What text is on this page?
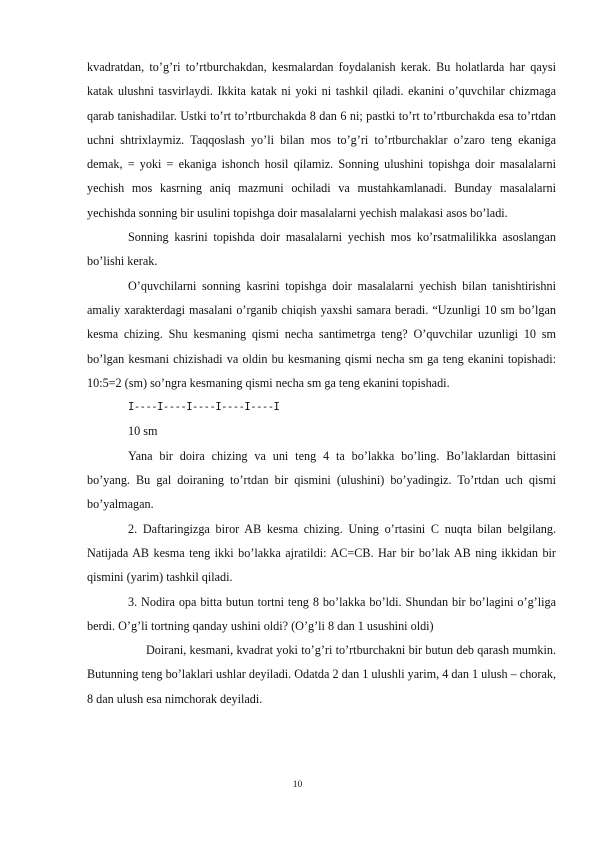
kvadratdan, to’g’ri to’rtburchakdan, kesmalardan foydalanish kerak. Bu holatlarda har qaysi katak ulushni tasvirlaydi. Ikkita katak ni yoki ni tashkil qiladi. ekanini o’quvchilar chizmaga qarab tanishadilar. Ustki to’rt to’rtburchakda 8 dan 6 ni; pastki to’rt to’rtburchakda esa to’rtdan uchni shtrixlaymiz. Taqqoslash yo’li bilan mos to’g’ri to’rtburchaklar o’zaro teng ekaniga demak, = yoki = ekaniga ishonch hosil qilamiz. Sonning ulushini topishga doir masalalarni yechish mos kasrning aniq mazmuni ochiladi va mustahkamlanadi. Bunday masalalarni yechishda sonning bir usulini topishga doir masalalarni yechish malakasi asos bo’ladi.

Sonning kasrini topishda doir masalalarni yechish mos ko’rsatmalilikka asoslangan bo’lishi kerak.

O’quvchilarni sonning kasrini topishga doir masalalarni yechish bilan tanishtirishni amaliy xarakterdagi masalani o’rganib chiqish yaxshi samara beradi. “Uzunligi 10 sm bo’lgan kesma chizing. Shu kesmaning qismi necha santimetrga teng? O’quvchilar uzunligi 10 sm bo’lgan kesmani chizishadi va oldin bu kesmaning qismi necha sm ga teng ekanini topishadi: 10:5=2 (sm) so’ngra kesmaning qismi necha sm ga teng ekanini topishadi.

I----I----I----I----I----I

10 sm

Yana bir doira chizing va uni teng 4 ta bo’lakka bo’ling. Bo’laklardan bittasini bo’yang. Bu gal doiraning to’rtdan bir qismini (ulushini) bo’yadingiz. To’rtdan uch qismi bo’yalmagan.

2. Daftaringizga biror AB kesma chizing. Uning o’rtasini C nuqta bilan belgilang. Natijada AB kesma teng ikki bo’lakka ajratildi: AC=CB. Har bir bo’lak AB ning ikkidan bir qismini (yarim) tashkil qiladi.

3. Nodira opa bitta butun tortni teng 8 bo’lakka bo’ldi. Shundan bir bo’lagini o’g’liga berdi. O’g’li tortning qanday ushini oldi? (O’g’li 8 dan 1 usushini oldi)

Doirani, kesmani, kvadrat yoki to’g’ri to’rtburchakni bir butun deb qarash mumkin. Butunning teng bo’laklari ushlar deyiladi. Odatda 2 dan 1 ulushli yarim, 4 dan 1 ulush – chorak, 8 dan ulush esa nimchorak deyiladi.

10
